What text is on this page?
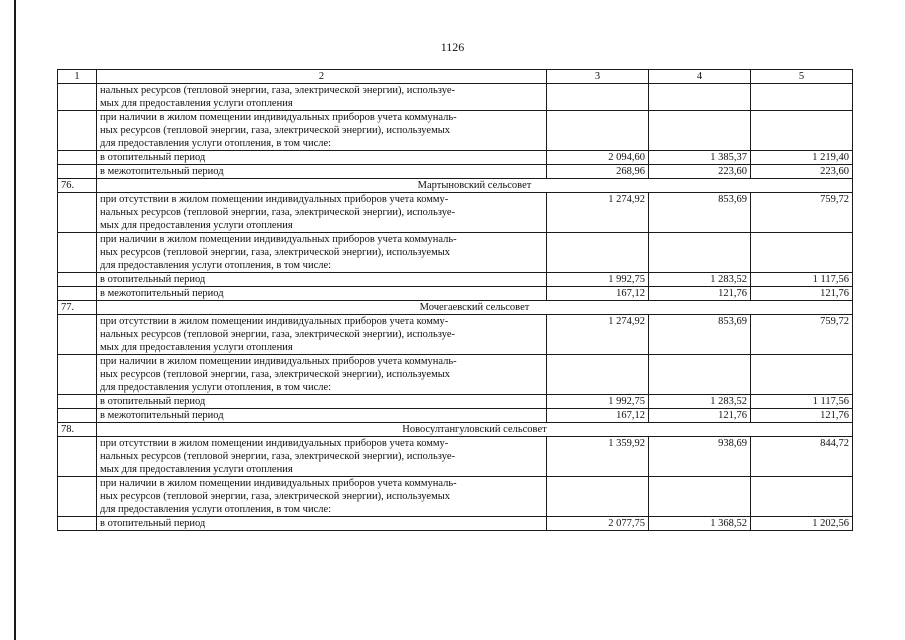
1126
1	2	3	4	5

	нальных ресурсов (тепловой энергии, газа, электрической энергии), используе-
мых для предоставления услуги отопления			

	при наличии в жилом помещении индивидуальных приборов учета коммуналь-
ных ресурсов (тепловой энергии, газа, электрической энергии), используемых
для предоставления услуги отопления, в том числе:			

	в отопительный период	2 094,60	1 385,37	1 219,40

	в межотопительный период	268,96	223,60	223,60
76.	Мартыновский сельсовет			

	при отсутствии в жилом помещении индивидуальных приборов учета комму-
нальных ресурсов (тепловой энергии, газа, электрической энергии), используе-
мых для предоставления услуги отопления	1 274,92	853,69	759,72

	при наличии в жилом помещении индивидуальных приборов учета коммуналь-
ных ресурсов (тепловой энергии, газа, электрической энергии), используемых
для предоставления услуги отопления, в том числе:			

	в отопительный период	1 992,75	1 283,52	1 117,56

	в межотопительный период	167,12	121,76	121,76
77.	Мочегаевский сельсовет			

	при отсутствии в жилом помещении индивидуальных приборов учета комму-
нальных ресурсов (тепловой энергии, газа, электрической энергии), используе-
мых для предоставления услуги отопления	1 274,92	853,69	759,72

	при наличии в жилом помещении индивидуальных приборов учета коммуналь-
ных ресурсов (тепловой энергии, газа, электрической энергии), используемых
для предоставления услуги отопления, в том числе:			

	в отопительный период	1 992,75	1 283,52	1 117,56

	в межотопительный период	167,12	121,76	121,76
78.	Новосултангуловский сельсовет			

	при отсутствии в жилом помещении индивидуальных приборов учета комму-
нальных ресурсов (тепловой энергии, газа, электрической энергии), используе-
мых для предоставления услуги отопления	1 359,92	938,69	844,72

	при наличии в жилом помещении индивидуальных приборов учета коммуналь-
ных ресурсов (тепловой энергии, газа, электрической энергии), используемых
для предоставления услуги отопления, в том числе:			

	в отопительный период	2 077,75	1 368,52	1 202,56
